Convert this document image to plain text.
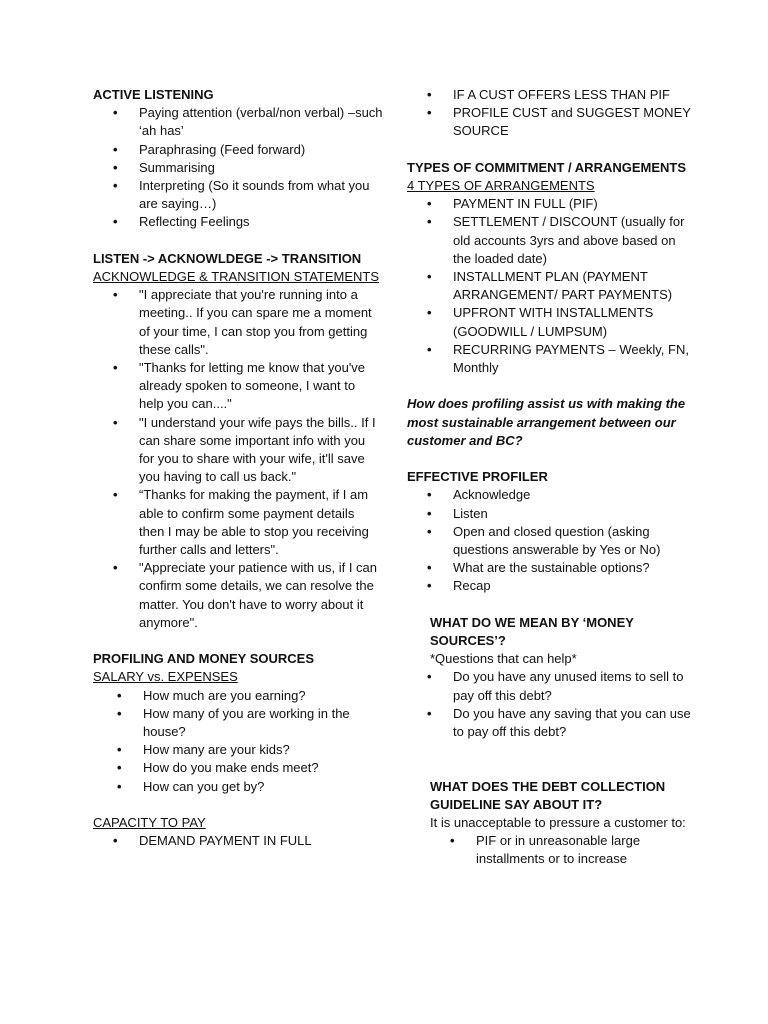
ACTIVE LISTENING
• Paying attention (verbal/non verbal) –such ‘ah has’
• Paraphrasing (Feed forward)
• Summarising
• Interpreting (So it sounds from what you are saying…)
• Reflecting Feelings
LISTEN -> ACKNOWLDEGE -> TRANSITION
ACKNOWLEDGE & TRANSITION STATEMENTS
• "I appreciate that you're running into a meeting.. If you can spare me a moment of your time, I can stop you from getting these calls".
• "Thanks for letting me know that you've already spoken to someone, I want to help you can...."
• "I understand your wife pays the bills.. If I can share some important info with you for you to share with your wife, it'll save you having to call us back."
• “Thanks for making the payment, if I am able to confirm some payment details then I may be able to stop you receiving further calls and letters".
• "Appreciate your patience with us, if I can confirm some details, we can resolve the matter. You don't have to worry about it anymore".
PROFILING AND MONEY SOURCES
SALARY vs. EXPENSES
• How much are you earning?
• How many of you are working in the house?
• How many are your kids?
• How do you make ends meet?
• How can you get by?
CAPACITY TO PAY
• DEMAND PAYMENT IN FULL
• IF A CUST OFFERS LESS THAN PIF
• PROFILE CUST and SUGGEST MONEY SOURCE
TYPES OF COMMITMENT / ARRANGEMENTS
4 TYPES OF ARRANGEMENTS
• PAYMENT IN FULL (PIF)
• SETTLEMENT / DISCOUNT (usually for old accounts 3yrs and above based on the loaded date)
• INSTALLMENT PLAN (PAYMENT ARRANGEMENT/ PART PAYMENTS)
• UPFRONT WITH INSTALLMENTS (GOODWILL / LUMPSUM)
• RECURRING PAYMENTS – Weekly, FN, Monthly
How does profiling assist us with making the most sustainable arrangement between our customer and BC?
EFFECTIVE PROFILER
• Acknowledge
• Listen
• Open and closed question (asking questions answerable by Yes or No)
• What are the sustainable options?
• Recap
WHAT DO WE MEAN BY ‘MONEY SOURCES’?
*Questions that can help*
• Do you have any unused items to sell to pay off this debt?
• Do you have any saving that you can use to pay off this debt?
WHAT DOES THE DEBT COLLECTION GUIDELINE SAY ABOUT IT?
It is unacceptable to pressure a customer to:
• PIF or in unreasonable large installments or to increase
